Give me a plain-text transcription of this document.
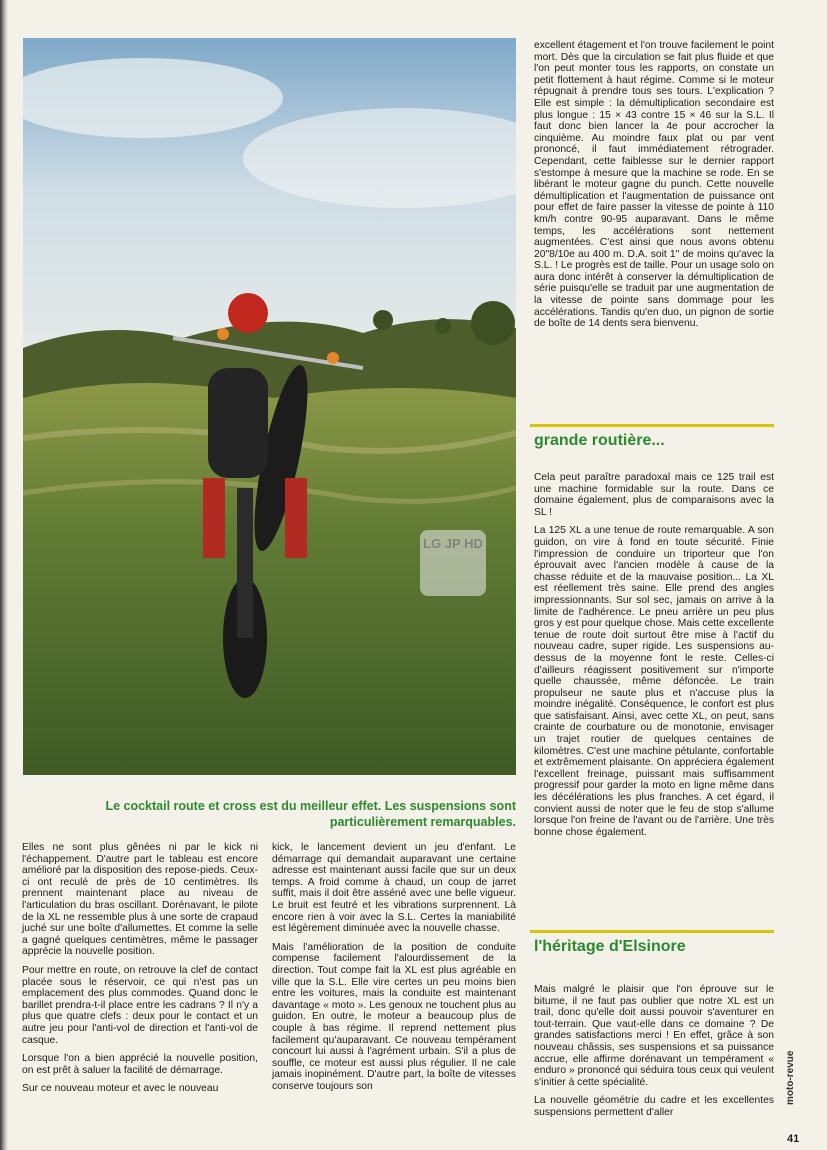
LG JP HD
Le cocktail route et cross est du meilleur effet. Les suspensions sont particulièrement remarquables.

Elles ne sont plus gênées ni par le kick ni l'échappement. D'autre part le tableau est encore amélioré par la disposition des repose-pieds. Ceux-ci ont reculé de près de 10 centimètres. Ils prennent maintenant place au niveau de l'articulation du bras oscillant. Dorénavant, le pilote de la XL ne ressemble plus à une sorte de crapaud juché sur une boîte d'allumettes. Et comme la selle a gagné quelques centimètres, même le passager apprécie la nouvelle position.

Pour mettre en route, on retrouve la clef de contact placée sous le réservoir, ce qui n'est pas un emplacement des plus commodes. Quand donc le barillet prendra-t-il place entre les cadrans ? Il n'y a plus que quatre clefs : deux pour le contact et un autre jeu pour l'anti-vol de direction et l'anti-vol de casque.

Lorsque l'on a bien apprécié la nouvelle position, on est prêt à saluer la facilité de démarrage.

Sur ce nouveau moteur et avec le nouveau

kick, le lancement devient un jeu d'enfant. Le démarrage qui demandait auparavant une certaine adresse est maintenant aussi facile que sur un deux temps. A froid comme à chaud, un coup de jarret suffit, mais il doit être asséné avec une belle vigueur. Le bruit est feutré et les vibrations surprennent. Là encore rien à voir avec la S.L. Certes la maniabilité est légèrement diminuée avec la nouvelle chasse.

Mais l'amélioration de la position de conduite compense facilement l'alourdissement de la direction. Tout compe fait la XL est plus agréable en ville que la S.L. Elle vire certes un peu moins bien entre les voitures, mais la conduite est maintenant davantage « moto ». Les genoux ne touchent plus au guidon. En outre, le moteur a beaucoup plus de couple à bas régime. Il reprend nettement plus facilement qu'auparavant. Ce nouveau tempérament concourt lui aussi à l'agrément urbain. S'il a plus de souffle, ce moteur est aussi plus régulier. Il ne cale jamais inopinément. D'autre part, la boîte de vitesses conserve toujours son

excellent étagement et l'on trouve facilement le point mort. Dès que la circulation se fait plus fluide et que l'on peut monter tous les rapports, on constate un petit flottement à haut régime. Comme si le moteur répugnait à prendre tous ses tours. L'explication ? Elle est simple : la démultiplication secondaire est plus longue : 15 × 43 contre 15 × 46 sur la S.L. Il faut donc bien lancer la 4e pour accrocher la cinquième. Au moindre faux plat ou par vent prononcé, il faut immédiatement rétrograder. Cependant, cette faiblesse sur le dernier rapport s'estompe à mesure que la machine se rode. En se libérant le moteur gagne du punch. Cette nouvelle démultiplication et l'augmentation de puissance ont pour effet de faire passer la vitesse de pointe à 110 km/h contre 90-95 auparavant. Dans le même temps, les accélérations sont nettement augmentées. C'est ainsi que nous avons obtenu 20"8/10e au 400 m. D.A. soit 1" de moins qu'avec la S.L. ! Le progrès est de taille. Pour un usage solo on aura donc intérêt à conserver la démultiplication de série puisqu'elle se traduit par une augmentation de la vitesse de pointe sans dommage pour les accélérations. Tandis qu'en duo, un pignon de sortie de boîte de 14 dents sera bienvenu.

grande routière...

Cela peut paraître paradoxal mais ce 125 trail est une machine formidable sur la route. Dans ce domaine également, plus de comparaisons avec la SL !

La 125 XL a une tenue de route remarquable. A son guidon, on vire à fond en toute sécurité. Finie l'impression de conduire un triporteur que l'on éprouvait avec l'ancien modèle à cause de la chasse réduite et de la mauvaise position... La XL est réellement très saine. Elle prend des angles impressionnants. Sur sol sec, jamais on arrive à la limite de l'adhérence. Le pneu arrière un peu plus gros y est pour quelque chose. Mais cette excellente tenue de route doit surtout être mise à l'actif du nouveau cadre, super rigide. Les suspensions au-dessus de la moyenne font le reste. Celles-ci d'ailleurs réagissent positivement sur n'importe quelle chaussée, même défoncée. Le train propulseur ne saute plus et n'accuse plus la moindre inégalité. Conséquence, le confort est plus que satisfaisant. Ainsi, avec cette XL, on peut, sans crainte de courbature ou de monotonie, envisager un trajet routier de quelques centaines de kilomètres. C'est une machine pétulante, confortable et extrêmement plaisante. On appréciera également l'excellent freinage, puissant mais suffisamment progressif pour garder la moto en ligne même dans les décélérations les plus franches. A cet égard, il convient aussi de noter que le feu de stop s'allume lorsque l'on freine de l'avant ou de l'arrière. Une très bonne chose également.

l'héritage d'Elsinore

Mais malgré le plaisir que l'on éprouve sur le bitume, il ne faut pas oublier que notre XL est un trail, donc qu'elle doit aussi pouvoir s'aventurer en tout-terrain. Que vaut-elle dans ce domaine ? De grandes satisfactions merci ! En effet, grâce à son nouveau châssis, ses suspensions et sa puissance accrue, elle affirme dorénavant un tempérament « enduro » prononcé qui séduira tous ceux qui veulent s'initier à cette spécialité.

La nouvelle géométrie du cadre et les excellentes suspensions permettent d'aller

moto-revue
41
